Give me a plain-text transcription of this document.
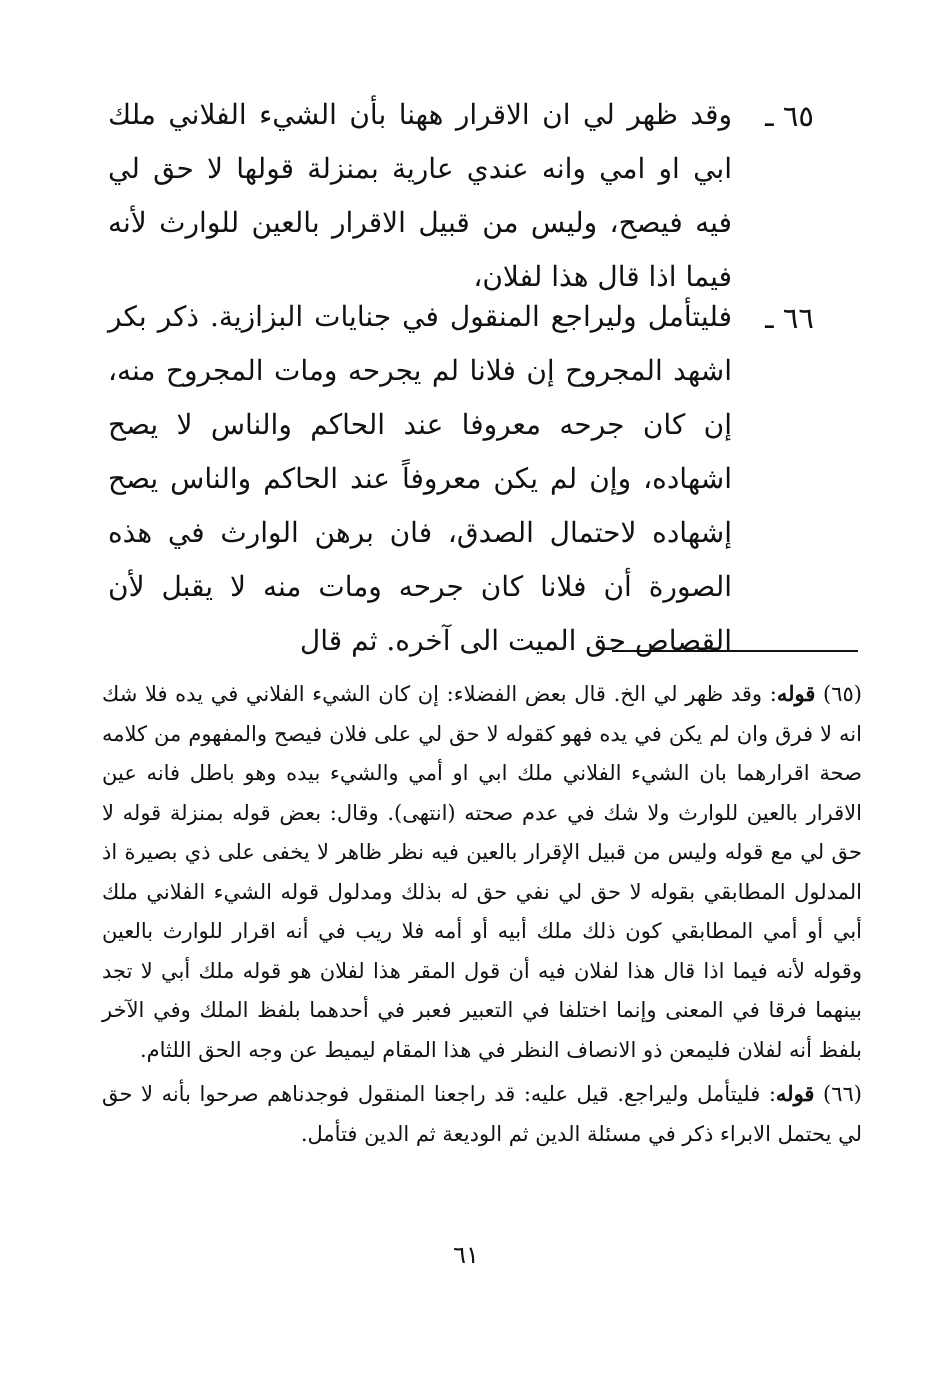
٦٥ ـ

وقد ظهر لي ان الاقرار ههنا بأن الشيء الفلاني ملك ابي او امي وانه عندي عارية بمنزلة قولها لا حق لي فيه فيصح، وليس من قبيل الاقرار بالعين للوارث لأنه فيما اذا قال هذا لفلان،

٦٦ ـ

فليتأمل وليراجع المنقول في جنايات البزازية. ذكر بكر اشهد المجروح إن فلانا لم يجرحه ومات المجروح منه، إن كان جرحه معروفا عند الحاكم والناس لا يصح اشهاده، وإن لم يكن معروفاً عند الحاكم والناس يصح إشهاده لاحتمال الصدق، فان برهن الوارث في هذه الصورة أن فلانا كان جرحه ومات منه لا يقبل لأن القصاص حق الميت الى آخره. ثم قال

(٦٥) قوله: وقد ظهر لي الخ. قال بعض الفضلاء: إن كان الشيء الفلاني في يده فلا شك انه لا فرق وان لم يكن في يده فهو كقوله لا حق لي على فلان فيصح والمفهوم من كلامه صحة اقرارهما بان الشيء الفلاني ملك ابي او أمي والشيء بيده وهو باطل فانه عين الاقرار بالعين للوارث ولا شك في عدم صحته (انتهى). وقال: بعض قوله بمنزلة قوله لا حق لي مع قوله وليس من قبيل الإقرار بالعين فيه نظر ظاهر لا يخفى على ذي بصيرة اذ المدلول المطابقي بقوله لا حق لي نفي حق له بذلك ومدلول قوله الشيء الفلاني ملك أبي أو أمي المطابقي كون ذلك ملك أبيه أو أمه فلا ريب في أنه اقرار للوارث بالعين وقوله لأنه فيما اذا قال هذا لفلان فيه أن قول المقر هذا لفلان هو قوله ملك أبي لا تجد بينهما فرقا في المعنى وإنما اختلفا في التعبير فعبر في أحدهما بلفظ الملك وفي الآخر بلفظ أنه لفلان فليمعن ذو الانصاف النظر في هذا المقام ليميط عن وجه الحق اللثام.

(٦٦) قوله: فليتأمل وليراجع. قيل عليه: قد راجعنا المنقول فوجدناهم صرحوا بأنه لا حق لي يحتمل الابراء ذكر في مسئلة الدين ثم الوديعة ثم الدين فتأمل.

٦١
